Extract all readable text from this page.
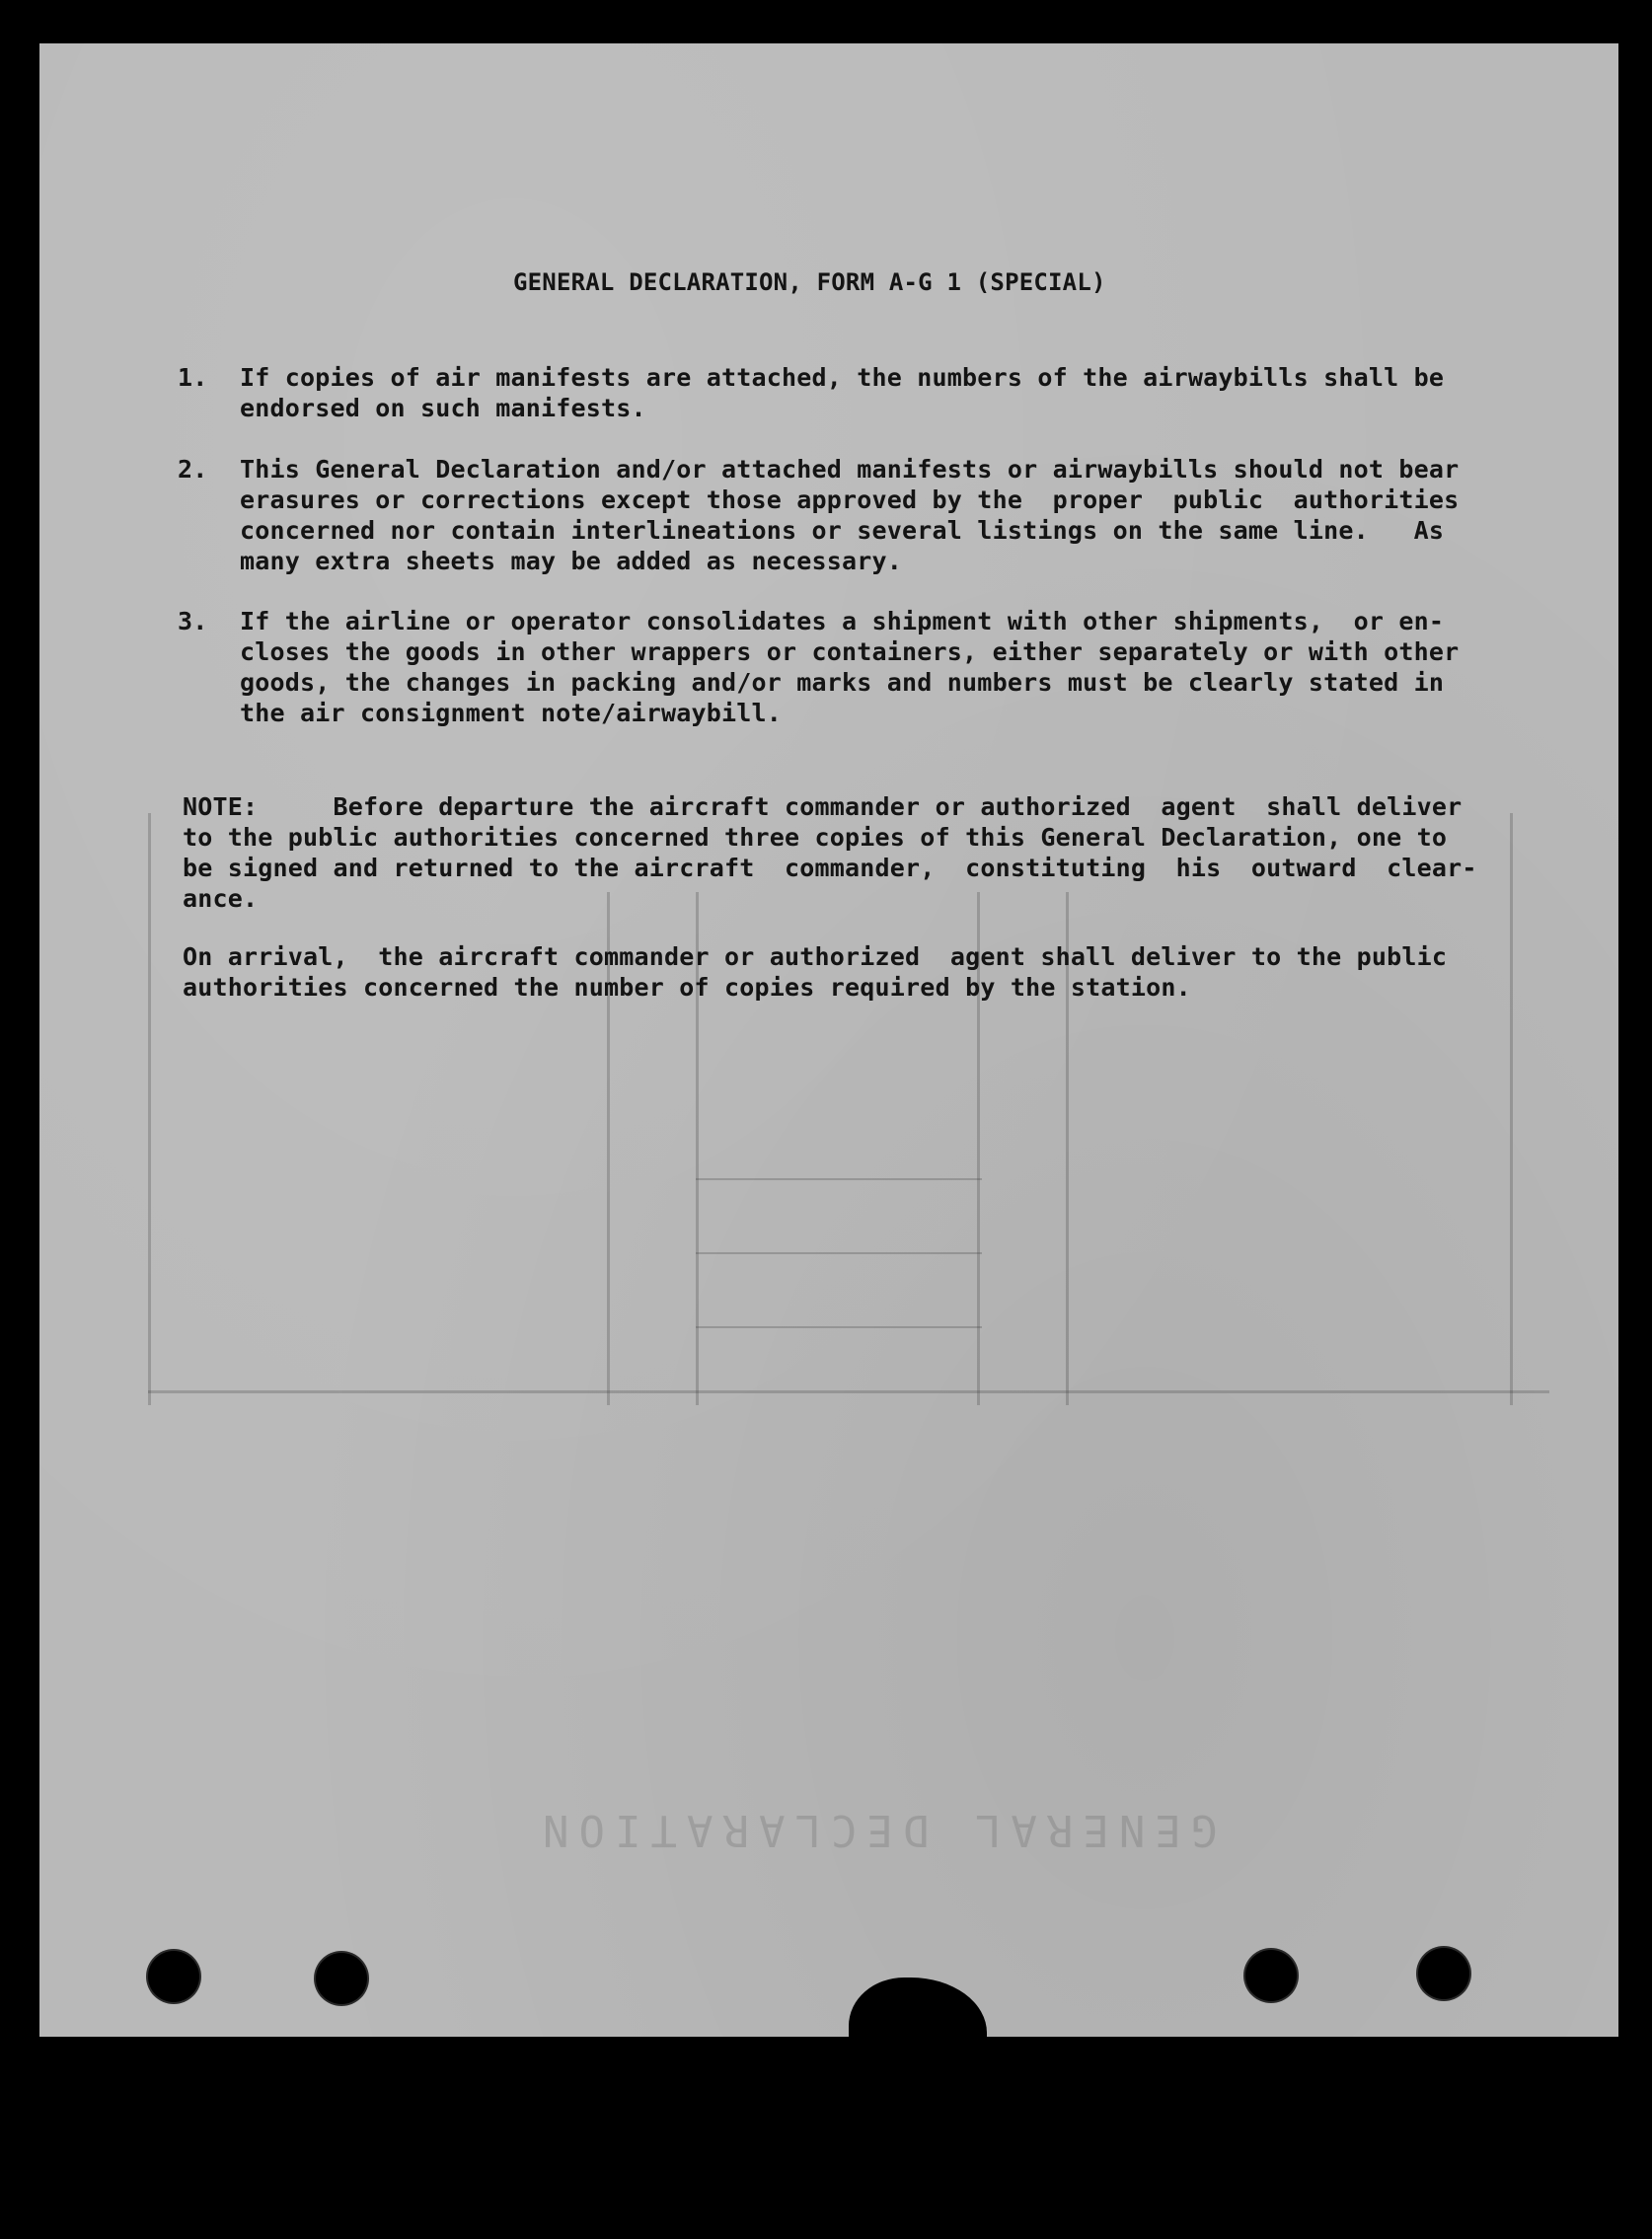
GENERAL DECLARATION
GENERAL DECLARATION, FORM A-G 1 (SPECIAL)
1. If copies of air manifests are attached, the numbers of the airwaybills shall be
endorsed on such manifests.
2. This General Declaration and/or attached manifests or airwaybills should not bear
erasures or corrections except those approved by the  proper  public  authorities
concerned nor contain interlineations or several listings on the same line.   As
many extra sheets may be added as necessary.
3. If the airline or operator consolidates a shipment with other shipments,  or en-
closes the goods in other wrappers or containers, either separately or with other
goods, the changes in packing and/or marks and numbers must be clearly stated in
the air consignment note/airwaybill.
NOTE:     Before departure the aircraft commander or authorized  agent  shall deliver
to the public authorities concerned three copies of this General Declaration, one to
be signed and returned to the aircraft  commander,  constituting  his  outward  clear-
ance.
On arrival,  the aircraft commander or authorized  agent shall deliver to the public
authorities concerned the number of copies required by the station.
